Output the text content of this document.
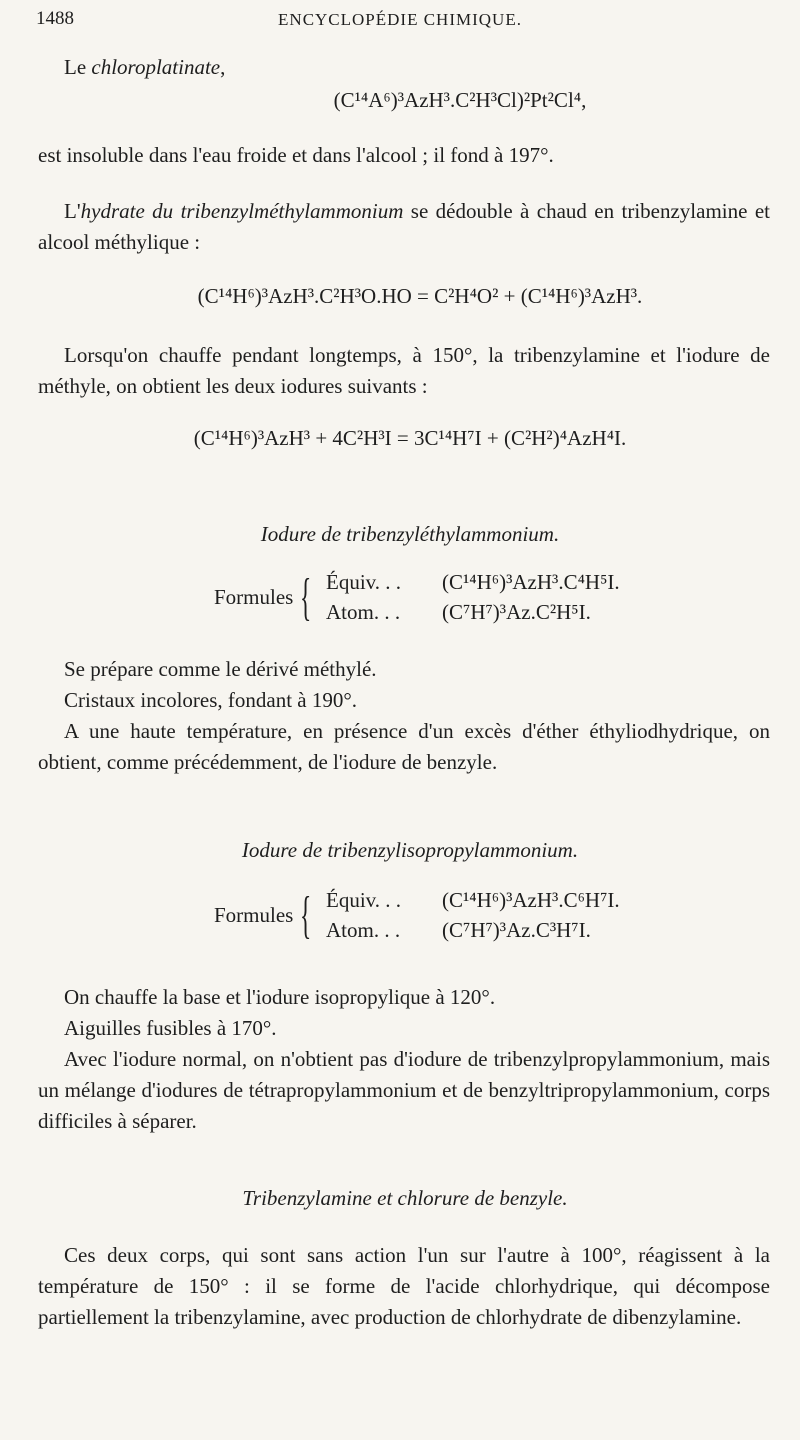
1488	ENCYCLOPÉDIE CHIMIQUE.

Le chloroplatinate,

(C¹⁴A⁶)³AzH³.C²H³Cl)²Pt²Cl⁴,

est insoluble dans l'eau froide et dans l'alcool ; il fond à 197°.

L'hydrate du tribenzylméthylammonium se dédouble à chaud en tribenzylamine et alcool méthylique :

(C¹⁴H⁶)³AzH³.C²H³O.HO = C²H⁴O² + (C¹⁴H⁶)³AzH³.

Lorsqu'on chauffe pendant longtemps, à 150°, la tribenzylamine et l'iodure de méthyle, on obtient les deux iodures suivants :

(C¹⁴H⁶)³AzH³ + 4C²H³I = 3C¹⁴H⁷I + (C²H²)⁴AzH⁴I.
Iodure de tribenzyléthylammonium.
Formules { Équiv. . . (C¹⁴H⁶)³AzH³.C⁴H⁵I.
Atom. . . (C⁷H⁷)³Az.C²H⁵I.

Se prépare comme le dérivé méthylé.

Cristaux incolores, fondant à 190°.

A une haute température, en présence d'un excès d'éther éthyliodhydrique, on obtient, comme précédemment, de l'iodure de benzyle.

Iodure de tribenzylisopropylammonium.
Formules { Équiv. . . (C¹⁴H⁶)³AzH³.C⁶H⁷I.
Atom. . . (C⁷H⁷)³Az.C³H⁷I.

On chauffe la base et l'iodure isopropylique à 120°.

Aiguilles fusibles à 170°.

Avec l'iodure normal, on n'obtient pas d'iodure de tribenzylpropylammonium, mais un mélange d'iodures de tétrapropylammonium et de benzyltripropylammonium, corps difficiles à séparer.

Tribenzylamine et chlorure de benzyle.

Ces deux corps, qui sont sans action l'un sur l'autre à 100°, réagissent à la température de 150° : il se forme de l'acide chlorhydrique, qui décompose partiellement la tribenzylamine, avec production de chlorhydrate de dibenzylamine.
